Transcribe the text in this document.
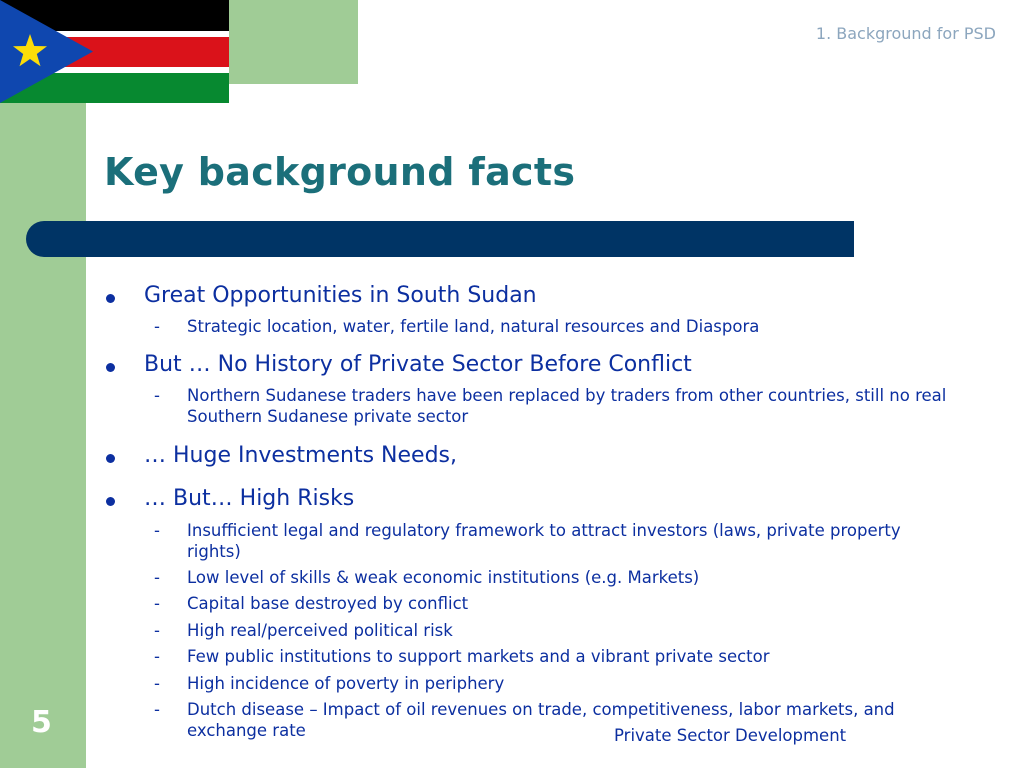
1. Background for PSD
Key background facts
Great Opportunities in South Sudan
- Strategic location, water, fertile land, natural resources and Diaspora
But … No History of Private Sector Before Conflict
- Northern Sudanese traders have been replaced by traders from other countries, still no real Southern Sudanese private sector
… Huge Investments Needs,
… But… High Risks
- Insufficient legal and regulatory framework to attract investors (laws, private property rights)
- Low level of skills & weak economic institutions (e.g. Markets)
- Capital base destroyed by conflict
- High real/perceived political risk
- Few public institutions to support markets and a vibrant private sector
- High incidence of poverty in periphery
- Dutch disease – Impact of oil revenues on trade, competitiveness, labor markets, and exchange rate
5	Private Sector Development
